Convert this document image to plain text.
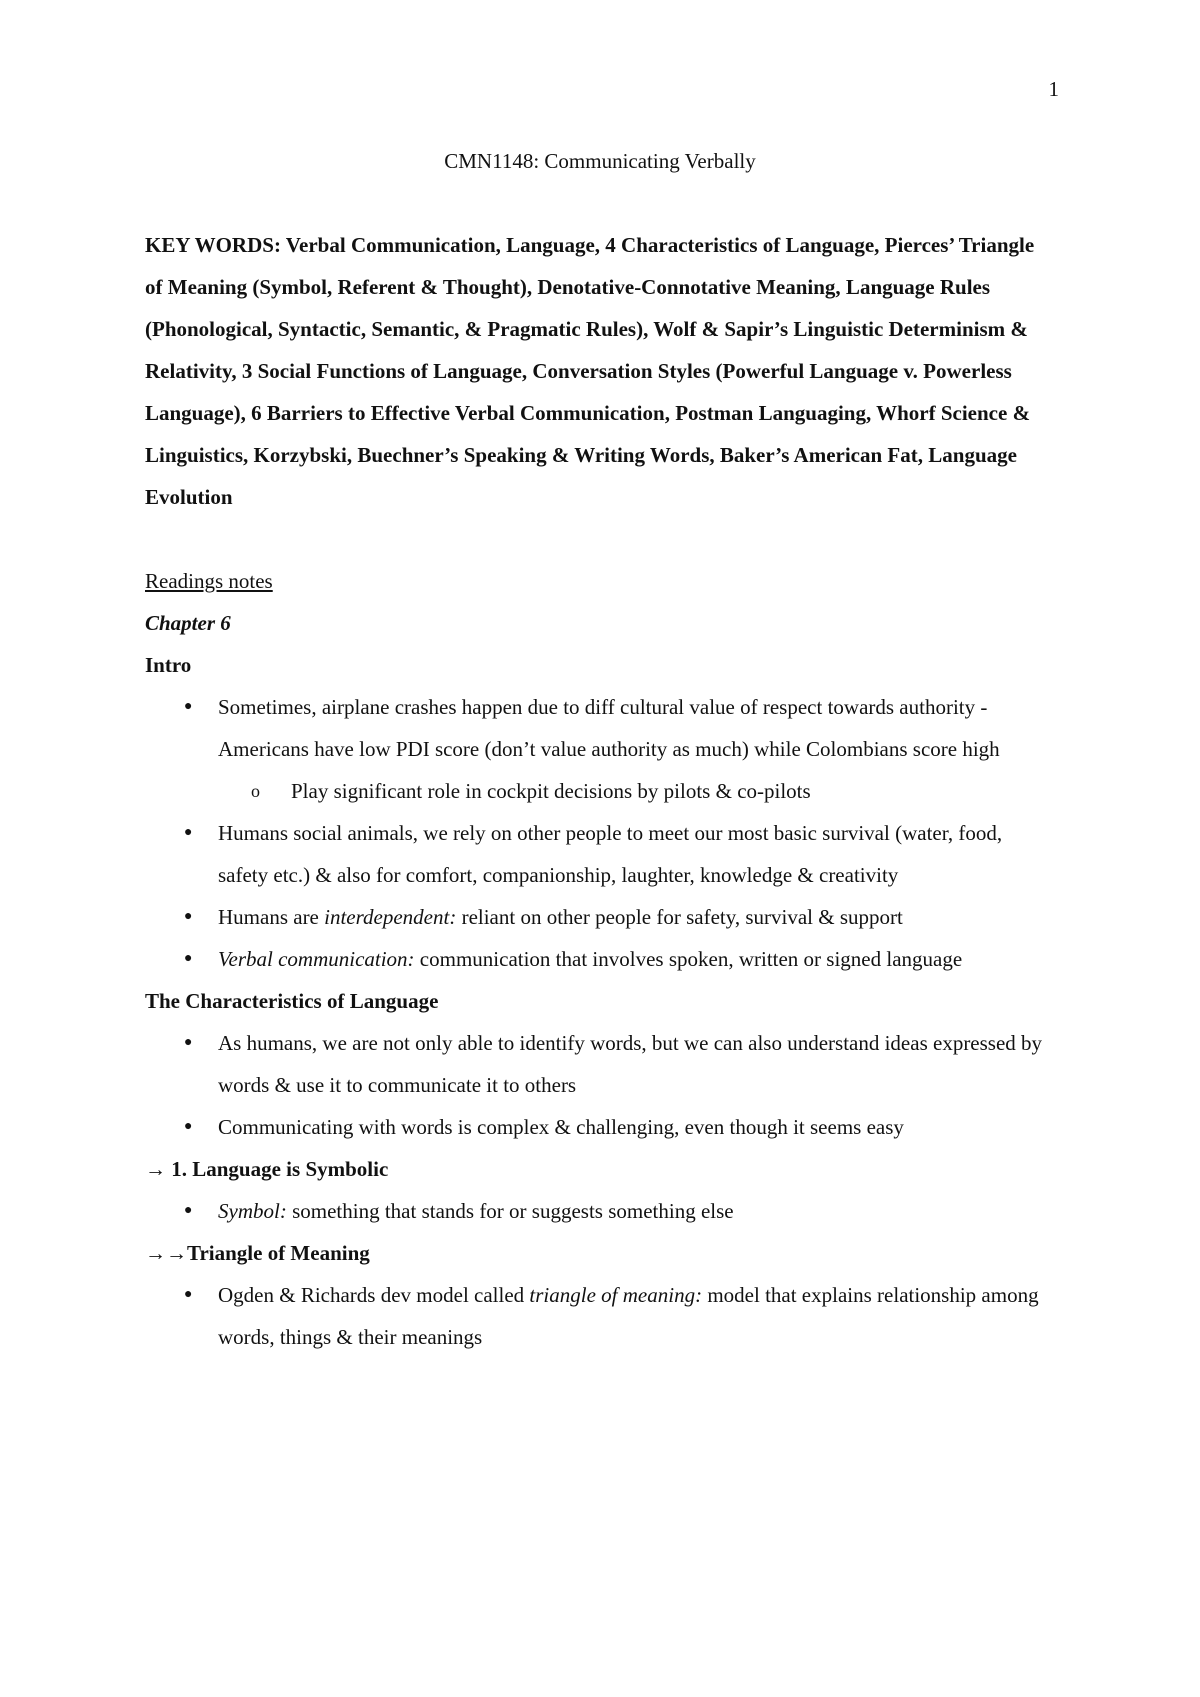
1
CMN1148: Communicating Verbally

KEY WORDS: Verbal Communication, Language, 4 Characteristics of Language, Pierces’ Triangle of Meaning (Symbol, Referent & Thought), Denotative-Connotative Meaning, Language Rules (Phonological, Syntactic, Semantic, & Pragmatic Rules), Wolf & Sapir’s Linguistic Determinism & Relativity, 3 Social Functions of Language, Conversation Styles (Powerful Language v. Powerless Language), 6 Barriers to Effective Verbal Communication, Postman Languaging, Whorf Science & Linguistics, Korzybski, Buechner’s Speaking & Writing Words, Baker’s American Fat, Language Evolution

Readings notes

Chapter 6

Intro

● Sometimes, airplane crashes happen due to diff cultural value of respect towards authority - Americans have low PDI score (don’t value authority as much) while Colombians score high
o Play significant role in cockpit decisions by pilots & co-pilots
● Humans social animals, we rely on other people to meet our most basic survival (water, food, safety etc.) & also for comfort, companionship, laughter, knowledge & creativity
● Humans are interdependent: reliant on other people for safety, survival & support
● Verbal communication: communication that involves spoken, written or signed language

The Characteristics of Language

● As humans, we are not only able to identify words, but we can also understand ideas expressed by words & use it to communicate it to others
● Communicating with words is complex & challenging, even though it seems easy

→ 1. Language is Symbolic

● Symbol: something that stands for or suggests something else

→→Triangle of Meaning

● Ogden & Richards dev model called triangle of meaning: model that explains relationship among words, things & their meanings
